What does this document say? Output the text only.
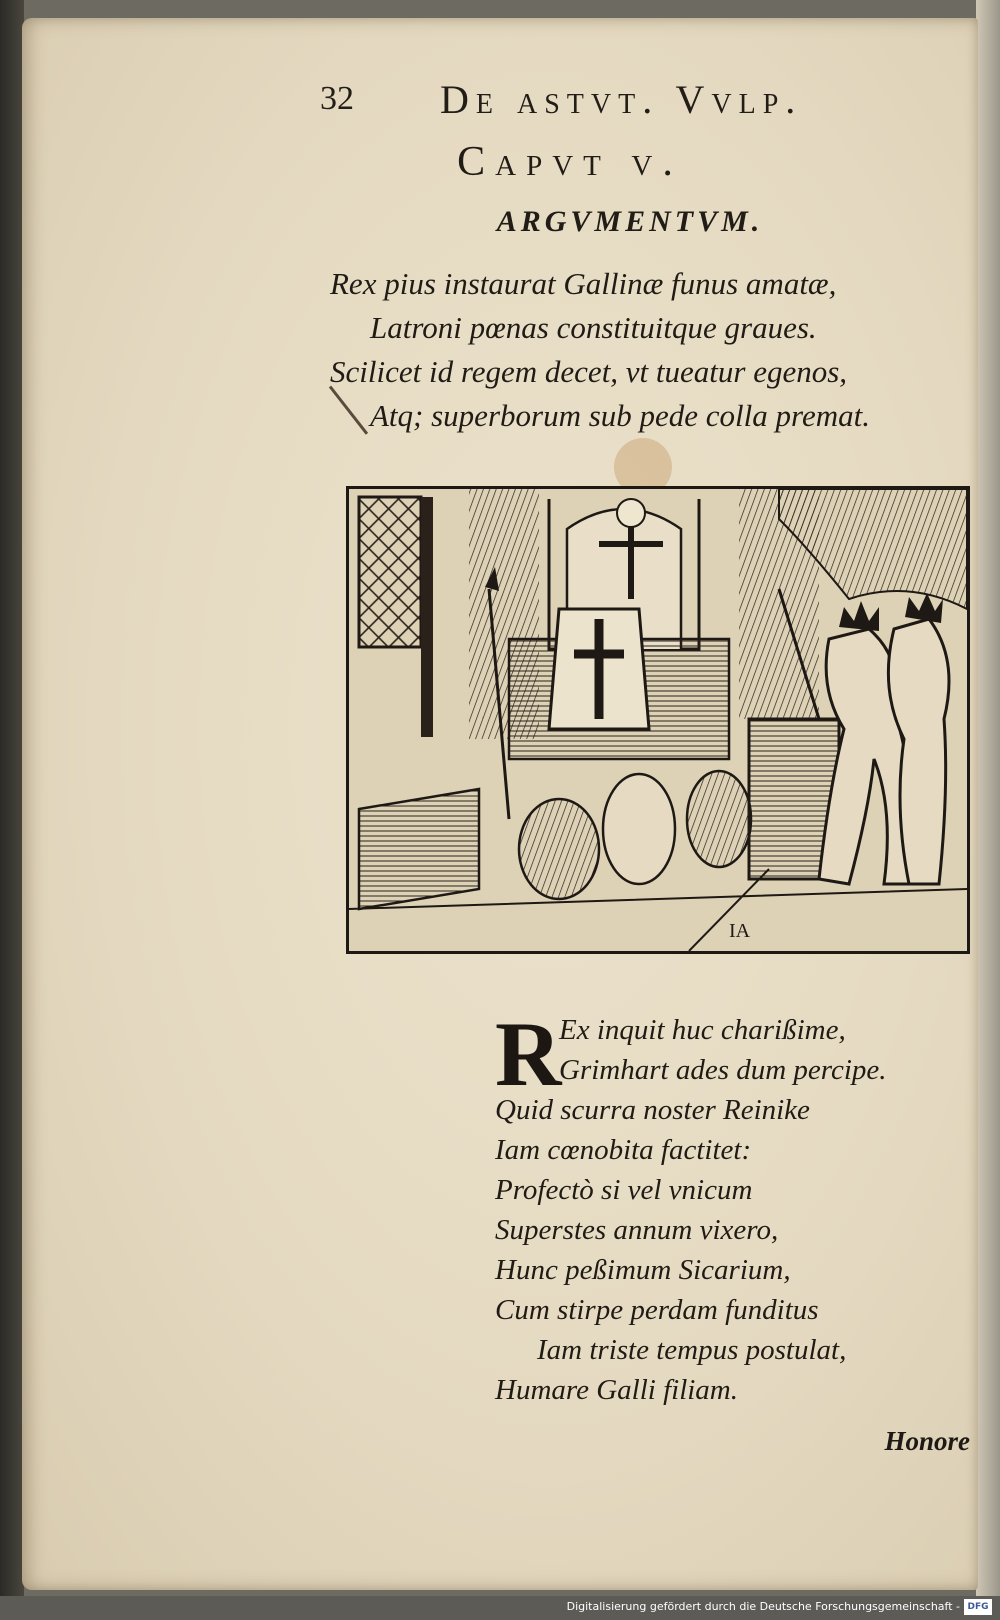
32 De astvt. Vvlp.
Capvt v.
ARGVMENTVM.
Rex pius instaurat Gallinæ funus amatæ,
Latroni pœnas constituitque graues.
Scilicet id regem decet, vt tueatur egenos,
Atq; superborum sub pede colla premat.
IA
R
Ex inquit huc charißime,
Grimhart ades dum percipe.
Quid scurra noster Reinike
Iam cœnobita factitet:
Profectò si vel vnicum
Superstes annum vixero,
Hunc peßimum Sicarium,
Cum stirpe perdam funditus
Iam triste tempus postulat,
Humare Galli filiam.
Honore
Digitalisierung gefördert durch die Deutsche Forschungsgemeinschaft - DFG
